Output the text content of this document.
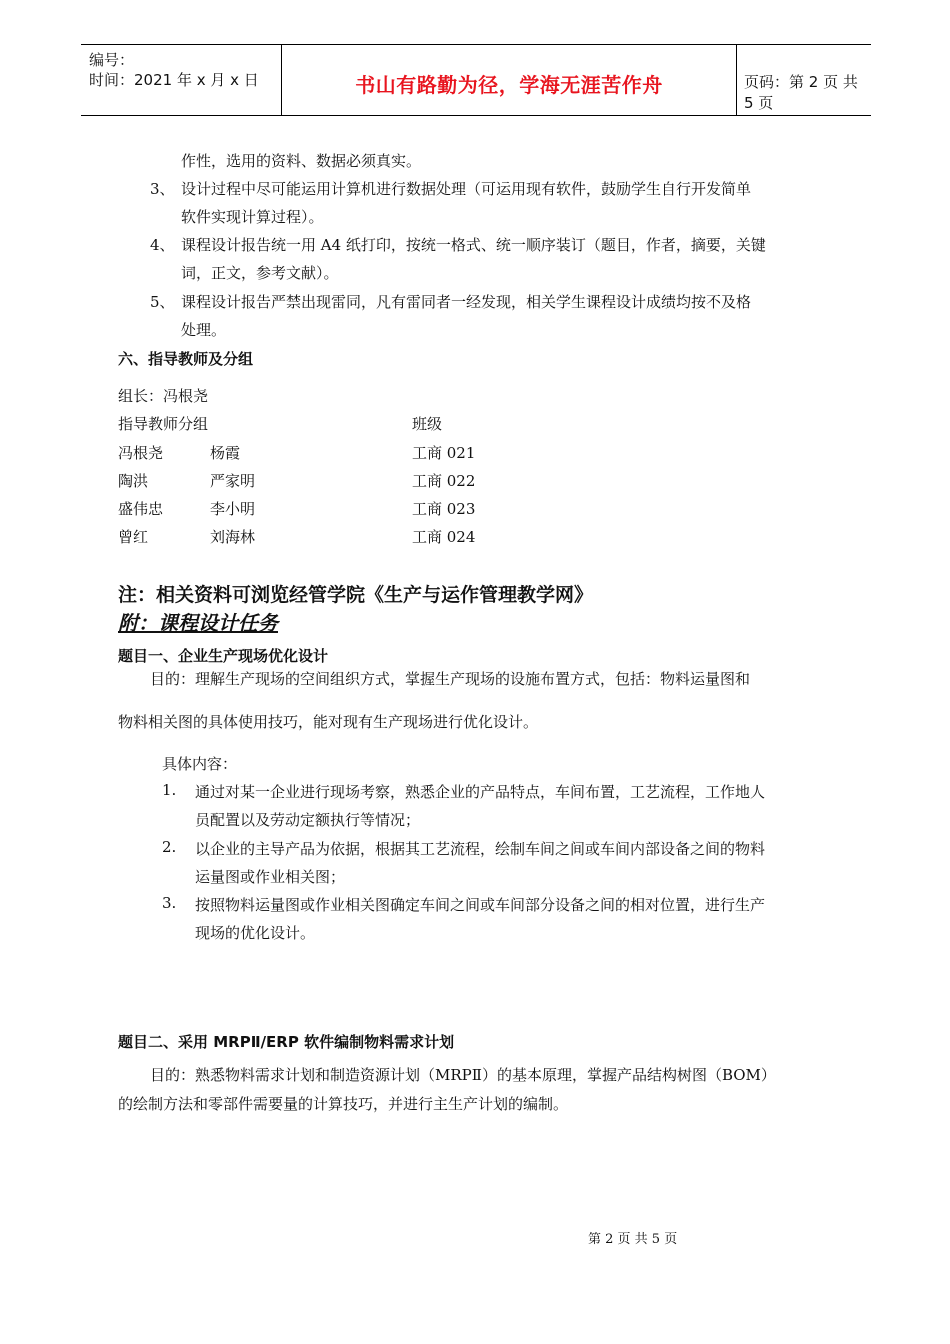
编号：
时间：2021 年 x 月 x 日	书山有路勤为径，学海无涯苦作舟	页码：第 2 页 共 5 页
作性，选用的资料、数据必须真实。
3、 设计过程中尽可能运用计算机进行数据处理（可运用现有软件，鼓励学生自行开发简单
软件实现计算过程）。
4、 课程设计报告统一用 A4 纸打印，按统一格式、统一顺序装订（题目，作者，摘要，关键
词，正文，参考文献）。
5、 课程设计报告严禁出现雷同，凡有雷同者一经发现，相关学生课程设计成绩均按不及格
处理。
六、指导教师及分组
组长：冯根尧
指导教师分组	班级
冯根尧	杨霞	工商 021
陶洪	严家明	工商 022
盛伟忠	李小明	工商 023
曾红	刘海林	工商 024
注：相关资料可浏览经管学院《生产与运作管理教学网》
附：课程设计任务
题目一、企业生产现场优化设计
目的：理解生产现场的空间组织方式，掌握生产现场的设施布置方式，包括：物料运量图和
物料相关图的具体使用技巧，能对现有生产现场进行优化设计。
具体内容：
1. 通过对某一企业进行现场考察，熟悉企业的产品特点，车间布置，工艺流程，工作地人
员配置以及劳动定额执行等情况；
2. 以企业的主导产品为依据，根据其工艺流程，绘制车间之间或车间内部设备之间的物料
运量图或作业相关图；
3. 按照物料运量图或作业相关图确定车间之间或车间部分设备之间的相对位置，进行生产
现场的优化设计。
题目二、采用 MRPⅡ/ERP 软件编制物料需求计划
目的：熟悉物料需求计划和制造资源计划（MRPⅡ）的基本原理，掌握产品结构树图（BOM）
的绘制方法和零部件需要量的计算技巧，并进行主生产计划的编制。
第 2 页 共 5 页
